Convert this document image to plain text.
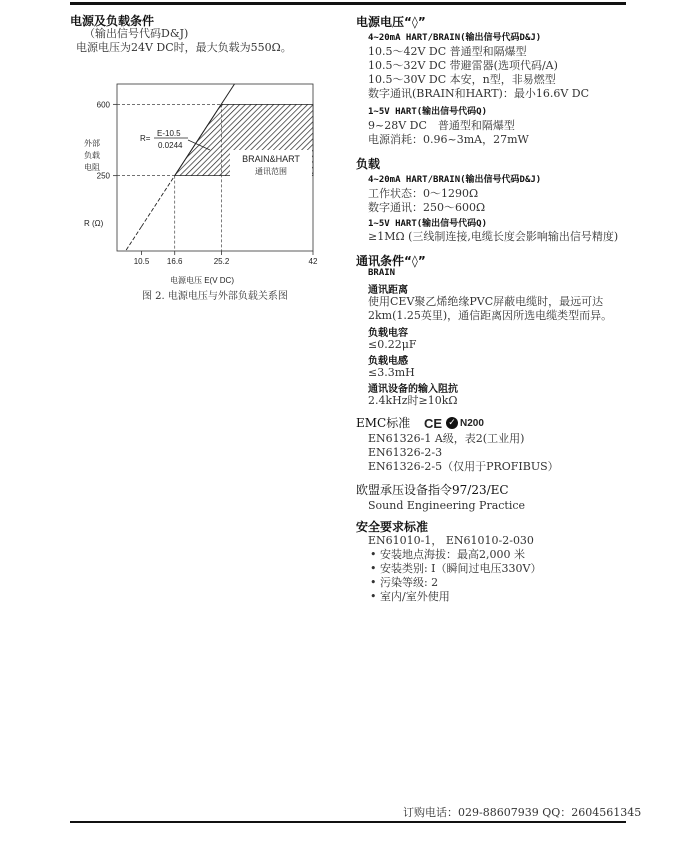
电源及负载条件
（输出信号代码D&J)
电源电压为24V DC时，最大负载为550Ω。
600
250
10.5 16.6	25.2	42
外部
负载
电阻
R (Ω)
电源电压 E(V DC)
R=
E-10.5
0.0244
BRAIN&HART
通讯范围
图 2. 电源电压与外部负载关系图
电源电压“◊”
4~20mA HART/BRAIN(输出信号代码D&J)
10.5～42V DC 普通型和隔爆型
10.5～32V DC 带避雷器(选项代码/A)
10.5～30V DC 本安，n型，非易燃型
数字通讯(BRAIN和HART)：最小16.6V DC
1~5V HART(输出信号代码Q)
9~28V DC　普通型和隔爆型
电源消耗：0.96~3mA，27mW
负载
4~20mA HART/BRAIN(输出信号代码D&J)
工作状态：0～1290Ω
数字通讯：250～600Ω
1~5V HART(输出信号代码Q)
≥1MΩ (三线制连接,电缆长度会影响输出信号精度)
通讯条件“◊”
BRAIN
通讯距离
使用CEV聚乙烯绝缘PVC屏蔽电缆时，最远可达
2km(1.25英里)，通信距离因所选电缆类型而异。
负载电容
≤0.22μF
负载电感
≤3.3mH
通讯设备的输入阻抗
2.4kHz时≥10kΩ
EMC标准 CE ✓ N200
EN61326-1 A级，表2(工业用)
EN61326-2-3
EN61326-2-5（仅用于PROFIBUS）
欧盟承压设备指令97/23/EC
Sound Engineering Practice
安全要求标准
EN61010-1， EN61010-2-030
• 安装地点海拔：最高2,000 米
• 安装类别: I（瞬间过电压330V）
• 污染等级: 2
• 室内/室外使用
订购电话：029-88607939 QQ：2604561345
